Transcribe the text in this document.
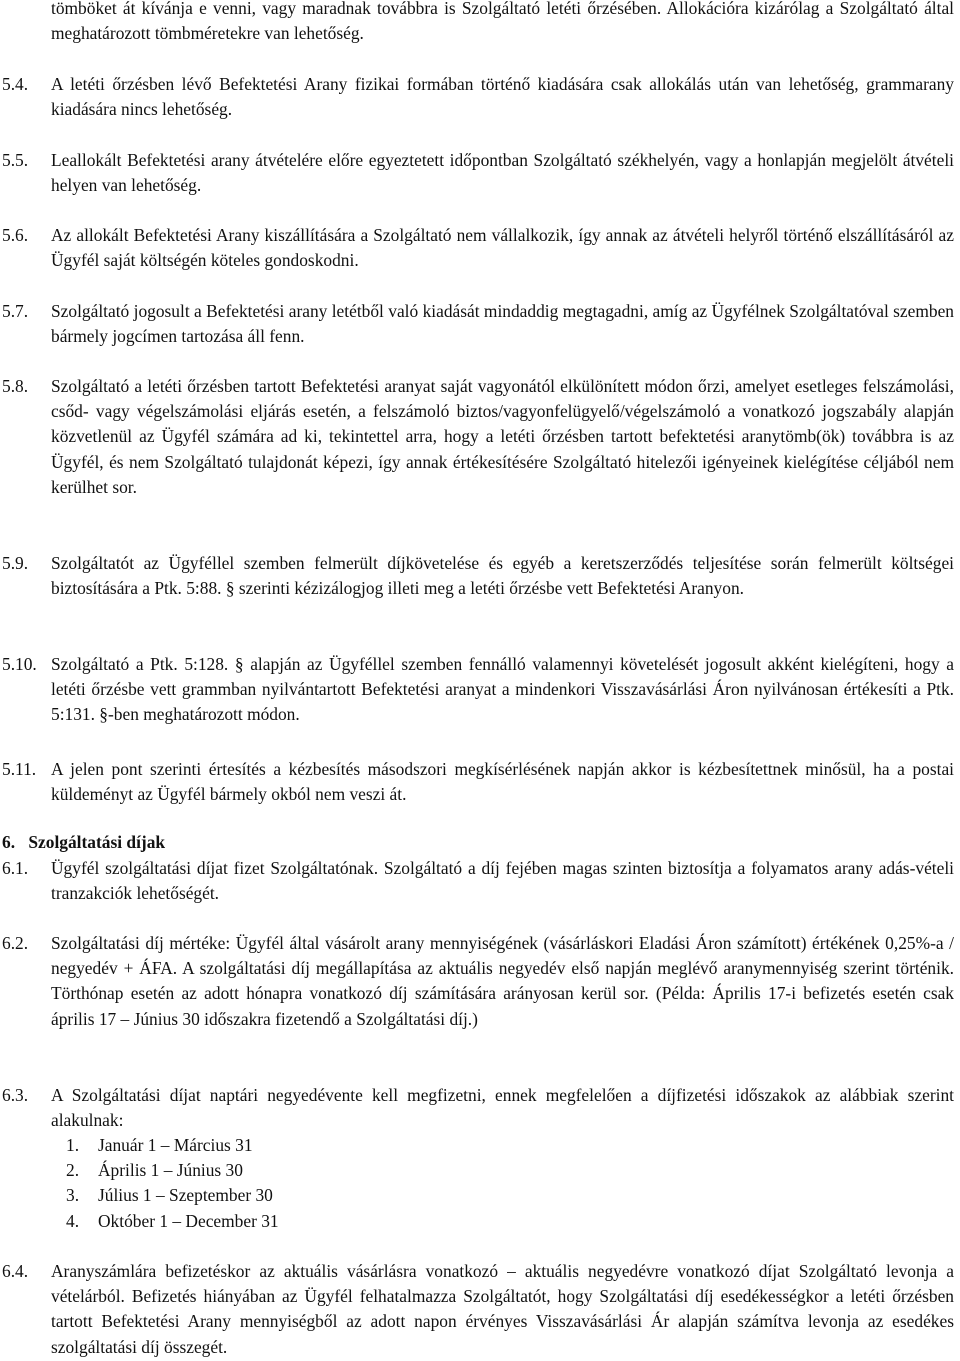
tömböket át kívánja e venni, vagy maradnak továbbra is Szolgáltató letéti őrzésében. Allokációra kizárólag a Szolgáltató által meghatározott tömbméretekre van lehetőség.
5.4. A letéti őrzésben lévő Befektetési Arany fizikai formában történő kiadására csak allokálás után van lehetőség, grammarany kiadására nincs lehetőség.
5.5. Leallokált Befektetési arany átvételére előre egyeztetett időpontban Szolgáltató székhelyén, vagy a honlapján megjelölt átvételi helyen van lehetőség.
5.6. Az allokált Befektetési Arany kiszállítására a Szolgáltató nem vállalkozik, így annak az átvételi helyről történő elszállításáról az Ügyfél saját költségén köteles gondoskodni.
5.7. Szolgáltató jogosult a Befektetési arany letétből való kiadását mindaddig megtagadni, amíg az Ügyfélnek Szolgáltatóval szemben bármely jogcímen tartozása áll fenn.
5.8. Szolgáltató a letéti őrzésben tartott Befektetési aranyat saját vagyonától elkülönített módon őrzi, amelyet esetleges felszámolási, csőd- vagy végelszámolási eljárás esetén, a felszámoló biztos/vagyonfelügyelő/végelszámoló a vonatkozó jogszabály alapján közvetlenül az Ügyfél számára ad ki, tekintettel arra, hogy a letéti őrzésben tartott befektetési aranytömb(ök) továbbra is az Ügyfél, és nem Szolgáltató tulajdonát képezi, így annak értékesítésére Szolgáltató hitelezői igényeinek kielégítése céljából nem kerülhet sor.
5.9. Szolgáltatót az Ügyféllel szemben felmerült díjkövetelése és egyéb a keretszerződés teljesítése során felmerült költségei biztosítására a Ptk. 5:88. § szerinti kézizálogjog illeti meg a letéti őrzésbe vett Befektetési Aranyon.
5.10. Szolgáltató a Ptk. 5:128. § alapján az Ügyféllel szemben fennálló valamennyi követelését jogosult akként kielégíteni, hogy a letéti őrzésbe vett grammban nyilvántartott Befektetési aranyat a mindenkori Visszavásárlási Áron nyilvánosan értékesíti a Ptk. 5:131. §-ben meghatározott módon.
5.11. A jelen pont szerinti értesítés a kézbesítés másodszori megkísérlésének napján akkor is kézbesítettnek minősül, ha a postai küldeményt az Ügyfél bármely okból nem veszi át.
6. Szolgáltatási díjak
6.1. Ügyfél szolgáltatási díjat fizet Szolgáltatónak. Szolgáltató a díj fejében magas szinten biztosítja a folyamatos arany adás-vételi tranzakciók lehetőségét.
6.2. Szolgáltatási díj mértéke: Ügyfél által vásárolt arany mennyiségének (vásárláskori Eladási Áron számított) értékének 0,25%-a / negyedév + ÁFA. A szolgáltatási díj megállapítása az aktuális negyedév első napján meglévő aranymennyiség szerint történik. Törthónap esetén az adott hónapra vonatkozó díj számítására arányosan kerül sor. (Példa: Április 17-i befizetés esetén csak április 17 – Június 30 időszakra fizetendő a Szolgáltatási díj.)
6.3. A Szolgáltatási díjat naptári negyedévente kell megfizetni, ennek megfelelően a díjfizetési időszakok az alábbiak szerint alakulnak:
1. Január 1 – Március 31
2. Április 1 – Június 30
3. Július 1 – Szeptember 30
4. Október 1 – December 31
6.4. Aranyszámlára befizetéskor az aktuális vásárlásra vonatkozó – aktuális negyedévre vonatkozó díjat Szolgáltató levonja a vételárból. Befizetés hiányában az Ügyfél felhatalmazza Szolgáltatót, hogy Szolgáltatási díj esedékességkor a letéti őrzésben tartott Befektetési Arany mennyiségből az adott napon érvényes Visszavásárlási Ár alapján számítva levonja az esedékes szolgáltatási díj összegét.
